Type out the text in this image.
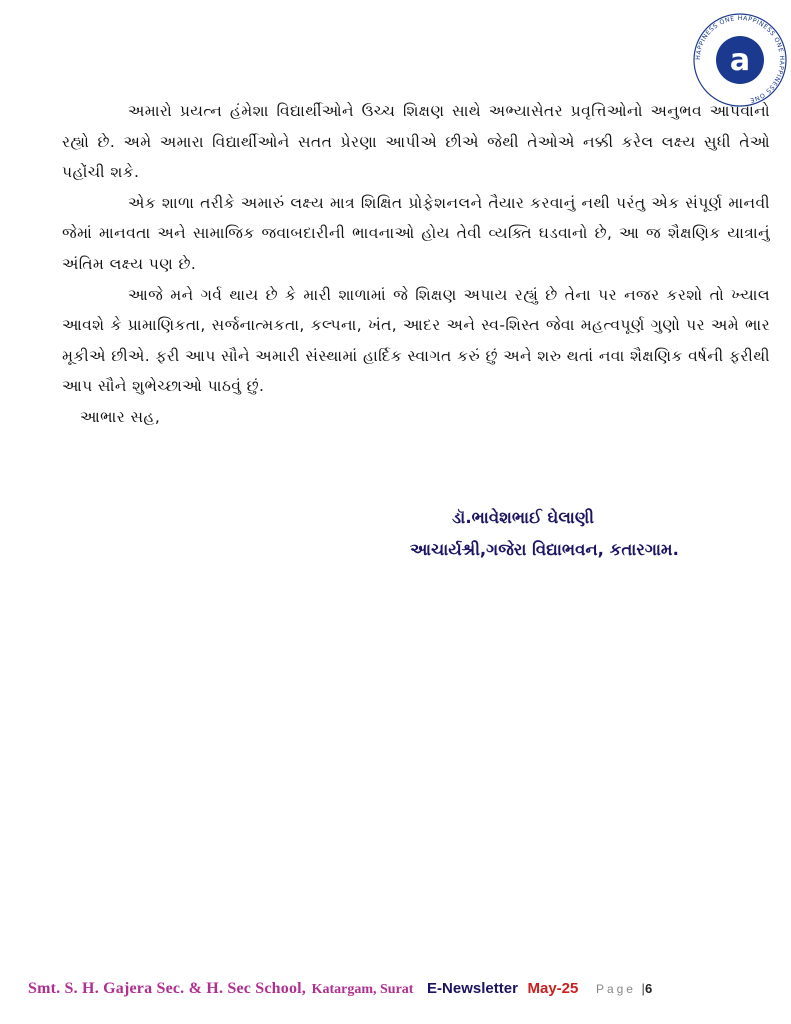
HAPPINESS ONE HAPPINESS ONE HAPPINESS ONE
a

અમારો પ્રયત્ન હંમેશા વિદ્યાર્થીઓને ઉચ્ચ શિક્ષણ સાથે અભ્યાસેતર પ્રવૃત્તિઓનો અનુભવ આપવાનો રહ્યો છે. અમે અમારા વિદ્યાર્થીઓને સતત પ્રેરણા આપીએ છીએ જેથી તેઓએ નક્કી કરેલ લક્ષ્ય સુધી તેઓ પહોંચી શકે.

એક શાળા તરીકે અમારું લક્ષ્ય માત્ર શિક્ષિત પ્રોફેશનલને તૈયાર કરવાનું નથી પરંતુ એક સંપૂર્ણ માનવી જેમાં માનવતા અને સામાજિક જવાબદારીની ભાવનાઓ હોય તેવી વ્યક્તિ ઘડવાનો છે, આ જ શૈક્ષણિક યાત્રાનું અંતિમ લક્ષ્ય પણ છે.

આજે મને ગર્વ થાય છે કે મારી શાળામાં જે શિક્ષણ અપાય રહ્યું છે તેના પર નજર કરશો તો ખ્યાલ આવશે કે પ્રામાણિકતા, સર્જનાત્મકતા, કલ્પના, ખંત, આદર અને સ્વ-શિસ્ત જેવા મહત્વપૂર્ણ ગુણો પર અમે ભાર મૂકીએ છીએ. ફરી આપ સૌને અમારી સંસ્થામાં હાર્દિક સ્વાગત કરું છું અને શરુ થતાં નવા શૈક્ષણિક વર્ષની ફરીથી આપ સૌને શુભેચ્છાઓ પાઠવું છું.

આભાર સહ,

ડૉ.ભાવેશભાઈ ઘેલાણી
આચાર્યશ્રી,ગજેરા વિદ્યાભવન, કતારગામ.
Smt. S. H. Gajera Sec. & H. Sec School, Katargam, Surat E-Newsletter May-25 Page |6
